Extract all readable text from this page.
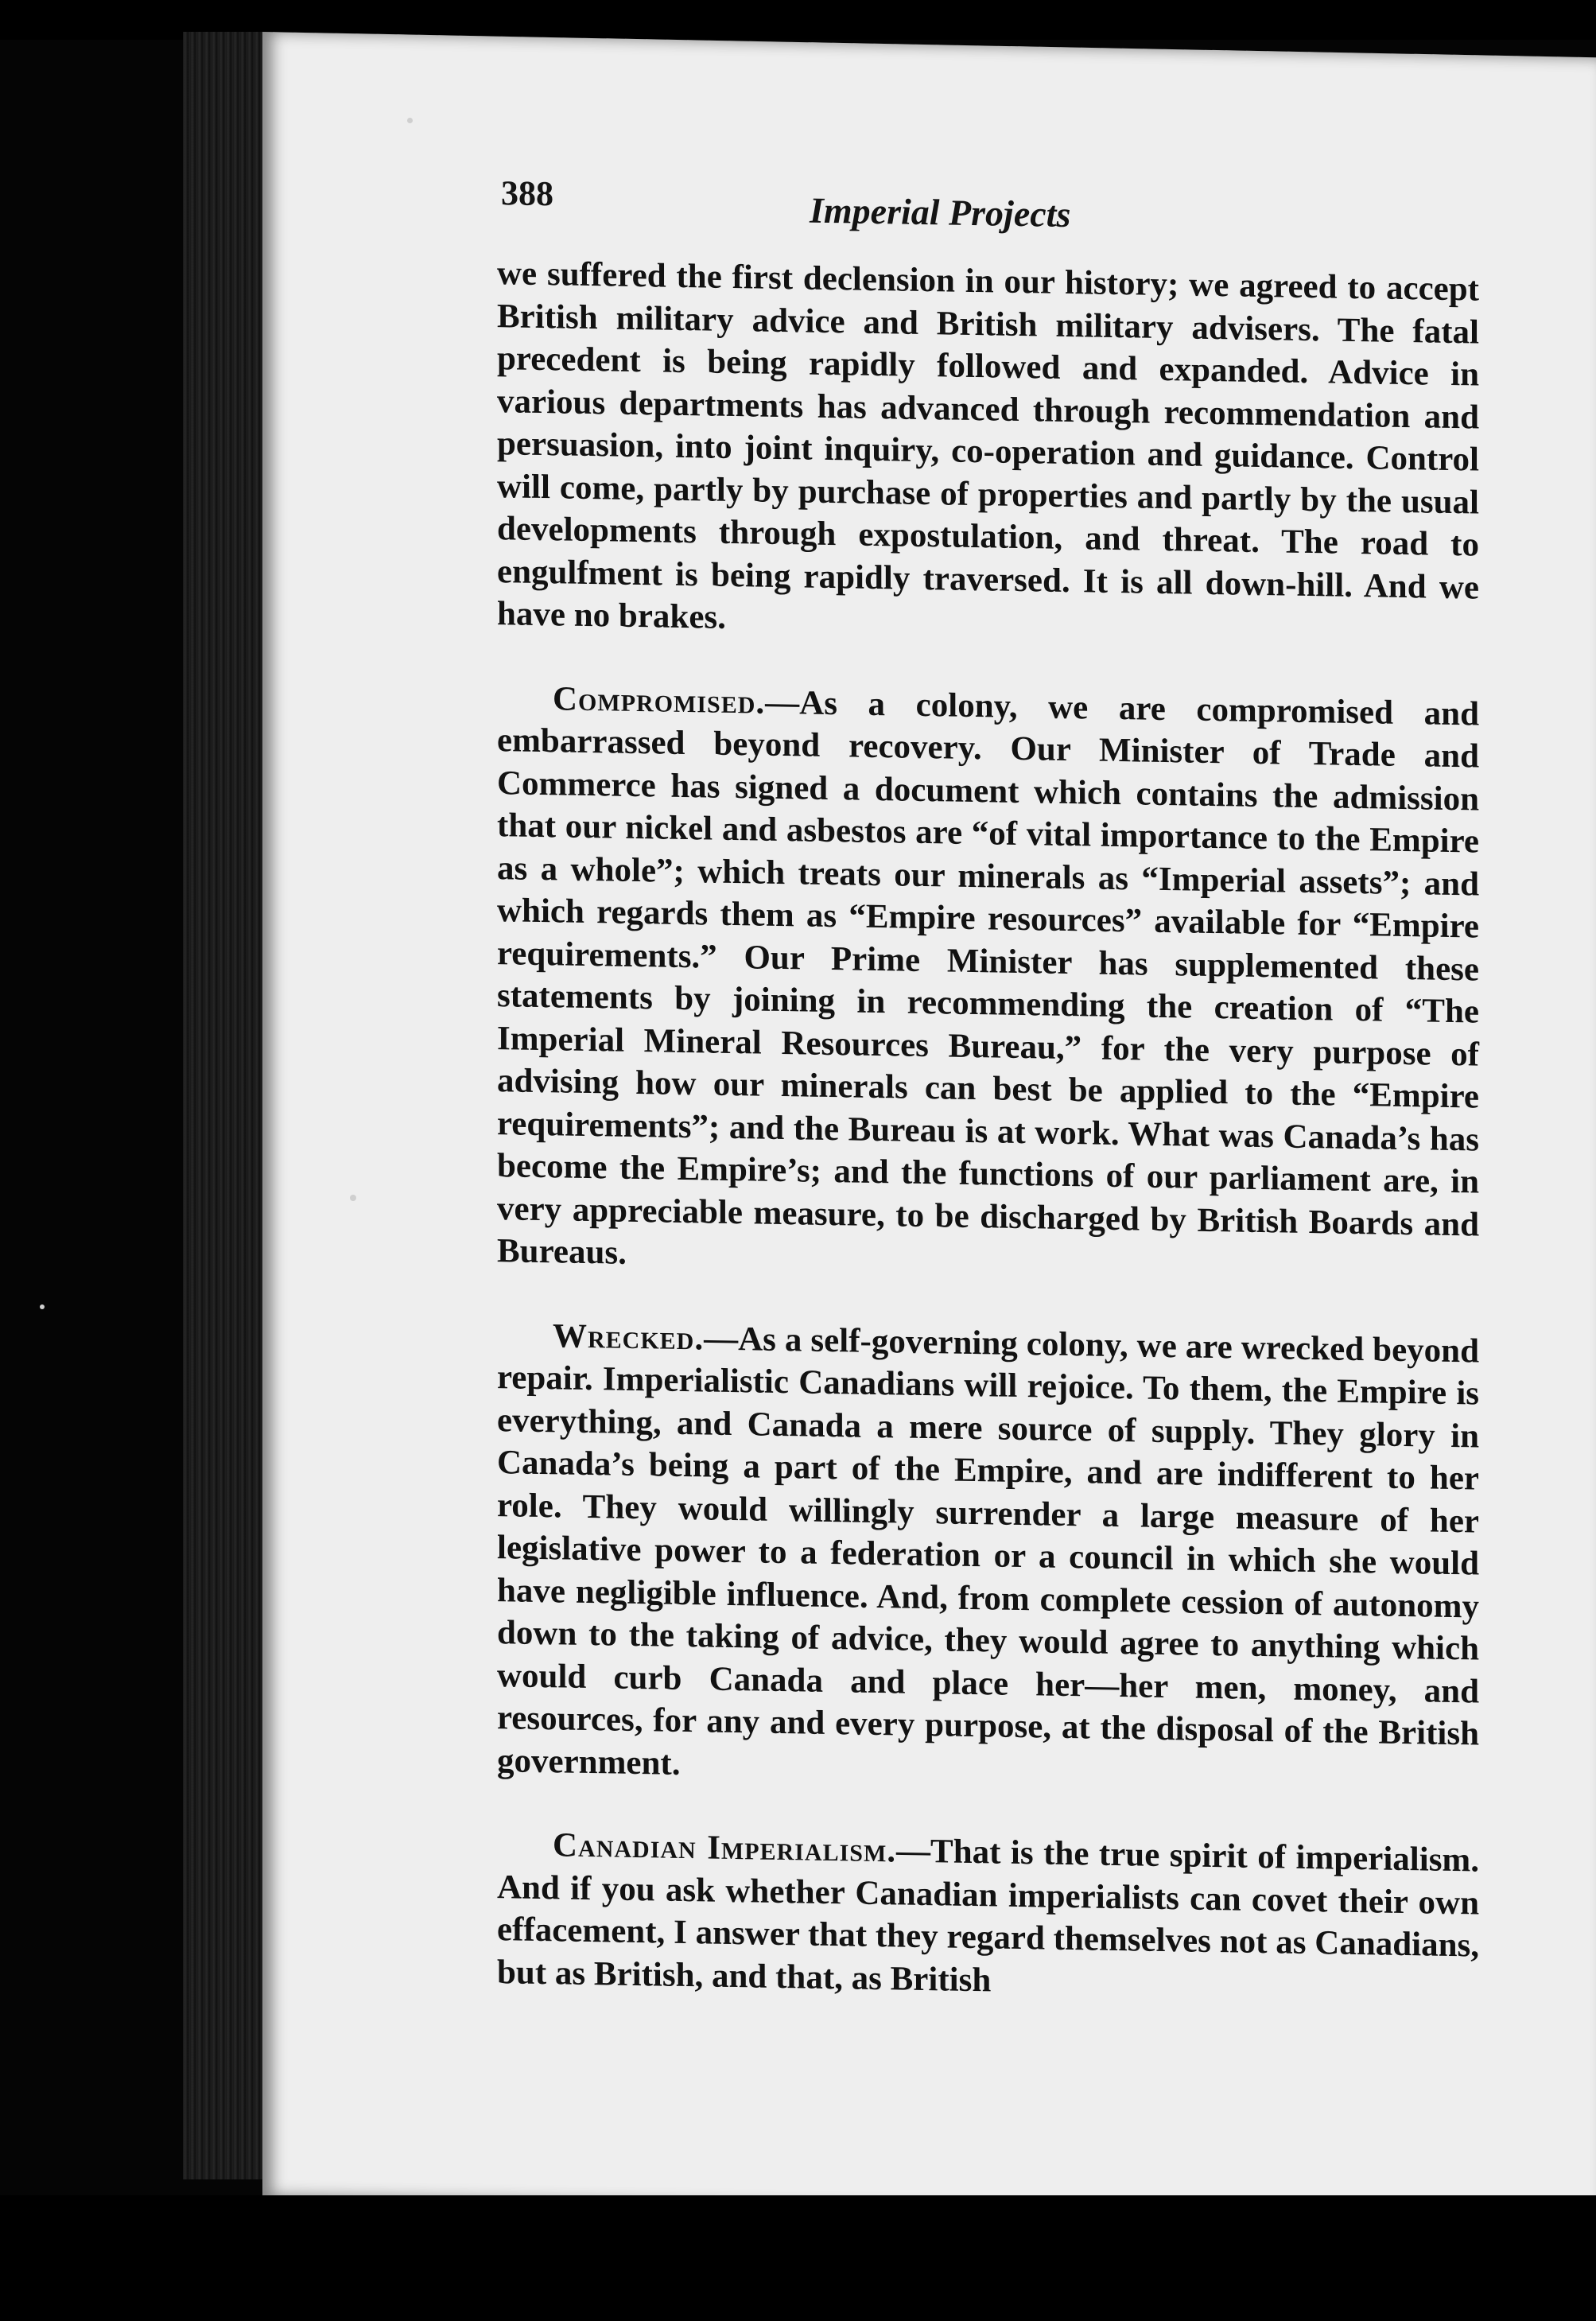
388	Imperial Projects

we suffered the first declension in our history; we agreed to accept British military advice and British military advisers. The fatal precedent is being rapidly followed and expanded. Advice in various departments has advanced through recommendation and persuasion, into joint inquiry, co-operation and guidance. Control will come, partly by purchase of properties and partly by the usual developments through expostulation, and threat. The road to engulfment is being rapidly traversed. It is all down-hill. And we have no brakes.

Compromised.—As a colony, we are compromised and embarrassed beyond recovery. Our Minister of Trade and Commerce has signed a document which contains the admission that our nickel and asbestos are “of vital importance to the Empire as a whole”; which treats our minerals as “Imperial assets”; and which regards them as “Empire resources” available for “Empire requirements.” Our Prime Minister has supplemented these statements by joining in recommending the creation of “The Imperial Mineral Resources Bureau,” for the very purpose of advising how our minerals can best be applied to the “Empire requirements”; and the Bureau is at work. What was Canada’s has become the Empire’s; and the functions of our parliament are, in very appreciable measure, to be discharged by British Boards and Bureaus.

Wrecked.—As a self-governing colony, we are wrecked beyond repair. Imperialistic Canadians will rejoice. To them, the Empire is everything, and Canada a mere source of supply. They glory in Canada’s being a part of the Empire, and are indifferent to her role. They would willingly surrender a large measure of her legislative power to a federation or a council in which she would have negligible influence. And, from complete cession of autonomy down to the taking of advice, they would agree to anything which would curb Canada and place her—her men, money, and resources, for any and every purpose, at the disposal of the British government.

Canadian Imperialism.—That is the true spirit of imperialism. And if you ask whether Canadian imperialists can covet their own effacement, I answer that they regard themselves not as Canadians, but as British, and that, as British
